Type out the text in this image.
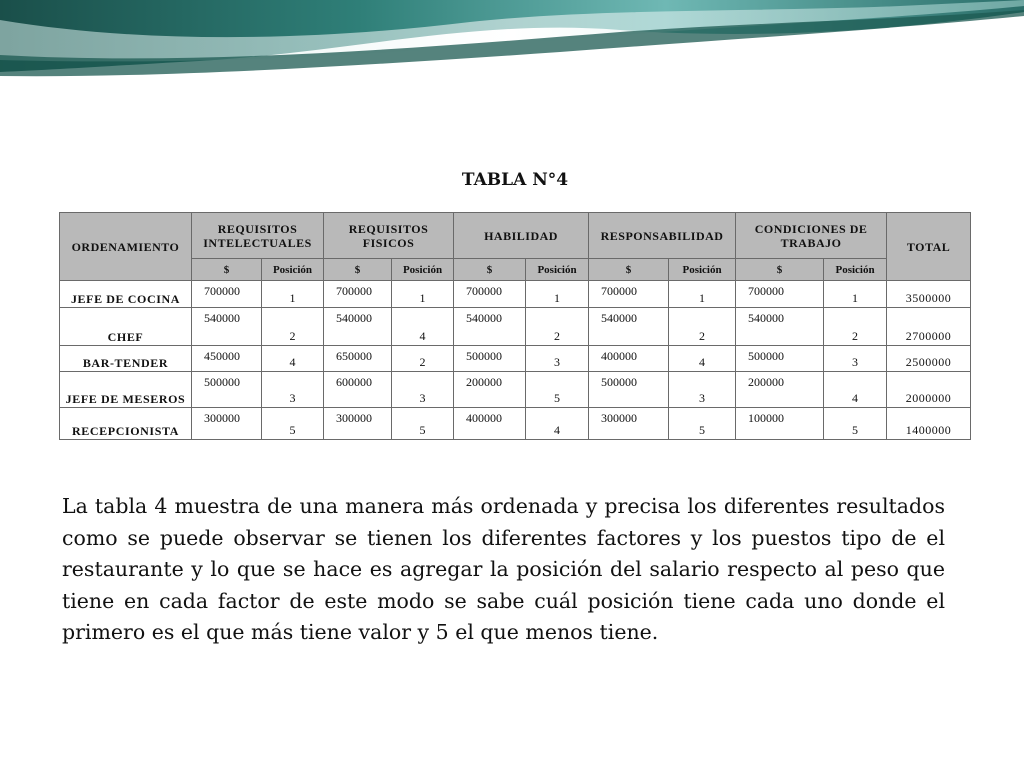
TABLA N°4
ORDENAMIENTO	REQUISITOS INTELECTUALES		REQUISITOS FISICOS		HABILIDAD		RESPONSABILIDAD		CONDICIONES DE TRABAJO		TOTAL
	$	Posición	$	Posición	$	Posición	$	Posición	$	Posición	
JEFE DE COCINA	700000	1	700000	1	700000	1	700000	1	700000	1	3500000
CHEF	540000	2	540000	4	540000	2	540000	2	540000	2	2700000
BAR-TENDER	450000	4	650000	2	500000	3	400000	4	500000	3	2500000
JEFE DE MESEROS	500000	3	600000	3	200000	5	500000	3	200000	4	2000000
RECEPCIONISTA	300000	5	300000	5	400000	4	300000	5	100000	5	1400000

La tabla 4 muestra de una manera más ordenada y precisa los diferentes resultados como se puede observar se tienen los diferentes factores y los puestos tipo de el restaurante y lo que se hace es agregar la posición del salario respecto al peso que tiene en cada factor de este modo se sabe cuál posición tiene cada uno donde el primero es el que más tiene valor y 5 el que menos tiene.
